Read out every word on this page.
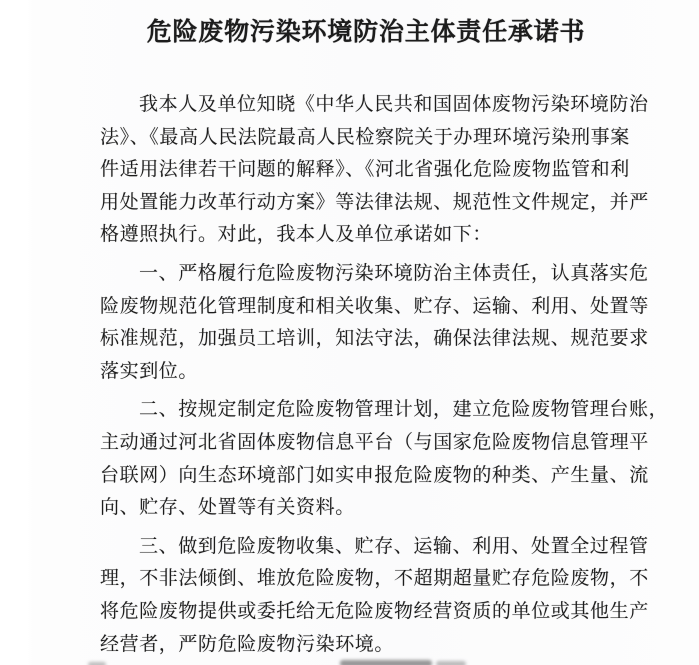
危险废物污染环境防治主体责任承诺书

我本人及单位知晓《中华人民共和国固体废物污染环境防治
法》、《最高人民法院最高人民检察院关于办理环境污染刑事案
件适用法律若干问题的解释》、《河北省强化危险废物监管和利
用处置能力改革行动方案》等法律法规、规范性文件规定，并严
格遵照执行。对此，我本人及单位承诺如下：

一、严格履行危险废物污染环境防治主体责任，认真落实危
险废物规范化管理制度和相关收集、贮存、运输、利用、处置等
标准规范，加强员工培训，知法守法，确保法律法规、规范要求
落实到位。

二、按规定制定危险废物管理计划，建立危险废物管理台账，
主动通过河北省固体废物信息平台（与国家危险废物信息管理平
台联网）向生态环境部门如实申报危险废物的种类、产生量、流
向、贮存、处置等有关资料。

三、做到危险废物收集、贮存、运输、利用、处置全过程管
理，不非法倾倒、堆放危险废物，不超期超量贮存危险废物，不
将危险废物提供或委托给无危险废物经营资质的单位或其他生产
经营者，严防危险废物污染环境。
